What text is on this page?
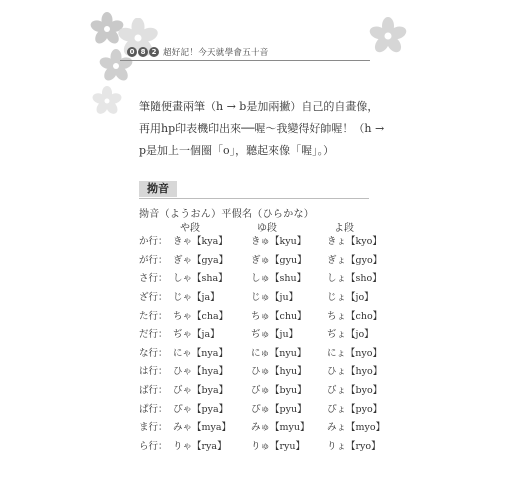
0 8 2 超好記！今天就學會五十音

筆隨便畫兩筆（h → b是加兩撇）自己的自畫像，再用hp印表機印出來──喔～我變得好帥喔！（h → p是加上一個圈「o」，聽起來像「喔」。）

拗音
拗音（ようおん）平假名（ひらかな）
や段	ゆ段	よ段
か行：	きゃ【kya】	きゅ【kyu】	きょ【kyo】
が行：	ぎゃ【gya】	ぎゅ【gyu】	ぎょ【gyo】
さ行：	しゃ【sha】	しゅ【shu】	しょ【sho】
ざ行：	じゃ【ja】	じゅ【ju】	じょ【jo】
た行：	ちゃ【cha】	ちゅ【chu】	ちょ【cho】
だ行：	ぢゃ【ja】	ぢゅ【ju】	ぢょ【jo】
な行：	にゃ【nya】	にゅ【nyu】	にょ【nyo】
は行：	ひゃ【hya】	ひゅ【hyu】	ひょ【hyo】
ば行：	びゃ【bya】	びゅ【byu】	びょ【byo】
ぱ行：	ぴゃ【pya】	ぴゅ【pyu】	ぴょ【pyo】
ま行：	みゃ【mya】	みゅ【myu】	みょ【myo】
ら行：	りゃ【rya】	りゅ【ryu】	りょ【ryo】
